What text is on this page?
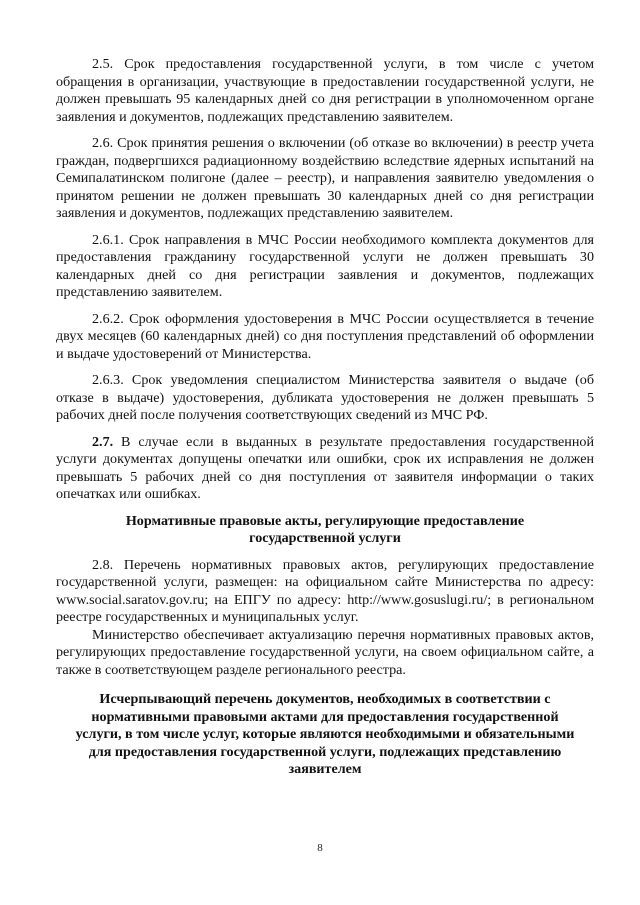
2.5. Срок предоставления государственной услуги, в том числе с учетом обращения в организации, участвующие в предоставлении государственной услуги, не должен превышать 95 календарных дней со дня регистрации в уполномоченном органе заявления и документов, подлежащих представлению заявителем.

2.6. Срок принятия решения о включении (об отказе во включении) в реестр учета граждан, подвергшихся радиационному воздействию вследствие ядерных испытаний на Семипалатинском полигоне (далее – реестр), и направления заявителю уведомления о принятом решении не должен превышать 30 календарных дней со дня регистрации заявления и документов, подлежащих представлению заявителем.

2.6.1. Срок направления в МЧС России необходимого комплекта документов для предоставления гражданину государственной услуги не должен превышать 30 календарных дней со дня регистрации заявления и документов, подлежащих представлению заявителем.

2.6.2. Срок оформления удостоверения в МЧС России осуществляется в течение двух месяцев (60 календарных дней) со дня поступления представлений об оформлении и выдаче удостоверений от Министерства.

2.6.3. Срок уведомления специалистом Министерства заявителя о выдаче (об отказе в выдаче) удостоверения, дубликата удостоверения не должен превышать 5 рабочих дней после получения соответствующих сведений из МЧС РФ.

2.7. В случае если в выданных в результате предоставления государственной услуги документах допущены опечатки или ошибки, срок их исправления не должен превышать 5 рабочих дней со дня поступления от заявителя информации о таких опечатках или ошибках.

Нормативные правовые акты, регулирующие предоставление государственной услуги

2.8. Перечень нормативных правовых актов, регулирующих предоставление государственной услуги, размещен: на официальном сайте Министерства по адресу: www.social.saratov.gov.ru; на ЕПГУ по адресу: http://www.gosuslugi.ru/; в региональном реестре государственных и муниципальных услуг.

Министерство обеспечивает актуализацию перечня нормативных правовых актов, регулирующих предоставление государственной услуги, на своем официальном сайте, а также в соответствующем разделе регионального реестра.

Исчерпывающий перечень документов, необходимых в соответствии с нормативными правовыми актами для предоставления государственной услуги, в том числе услуг, которые являются необходимыми и обязательными для предоставления государственной услуги, подлежащих представлению заявителем
8
